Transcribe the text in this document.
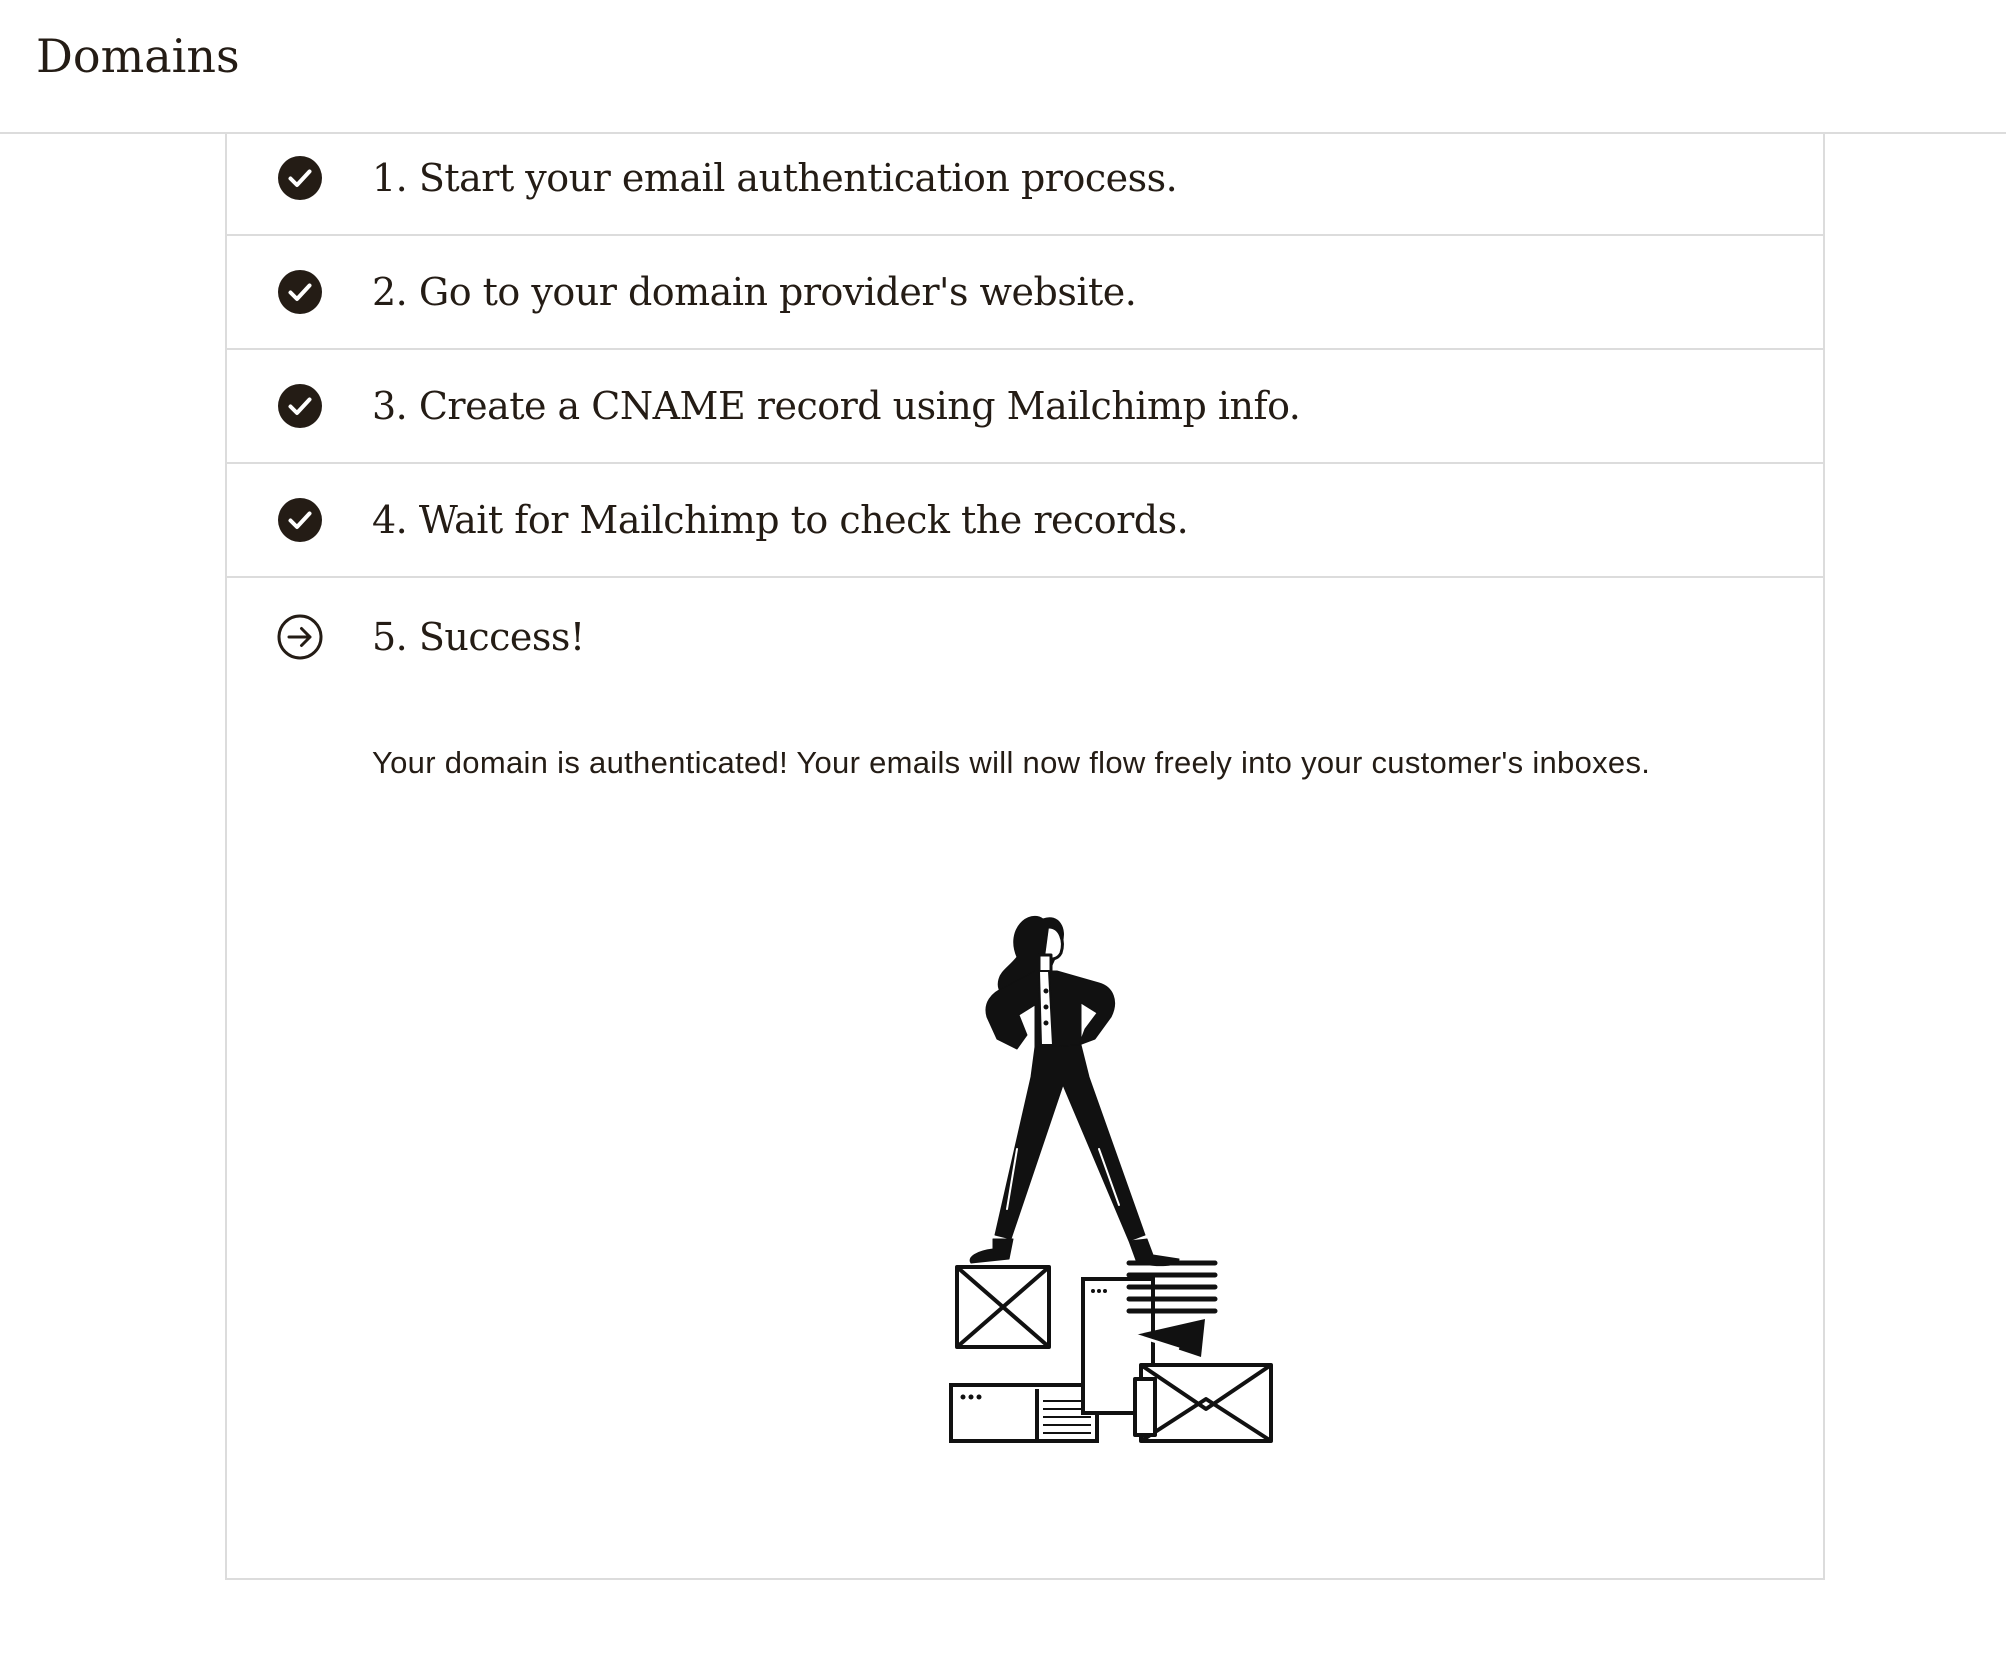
Domains
1. Start your email authentication process.
2. Go to your domain provider's website.
3. Create a CNAME record using Mailchimp info.
4. Wait for Mailchimp to check the records.
5. Success!

Your domain is authenticated! Your emails will now flow freely into your customer's inboxes.
